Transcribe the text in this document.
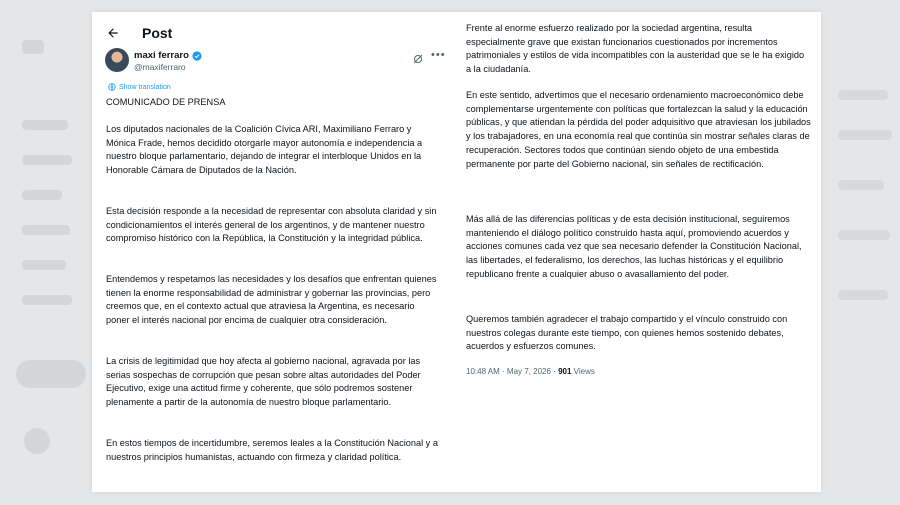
Post
maxi ferraro
@maxiferraro
•••
Show translation

COMUNICADO DE PRENSA

Los diputados nacionales de la Coalición Cívica ARI, Maximiliano Ferraro y Mónica Frade, hemos decidido otorgarle mayor autonomía e independencia a nuestro bloque parlamentario, dejando de integrar el interbloque Unidos en la Honorable Cámara de Diputados de la Nación.

Esta decisión responde a la necesidad de representar con absoluta claridad y sin condicionamientos el interés general de los argentinos, y de mantener nuestro compromiso histórico con la República, la Constitución y la integridad pública.

Entendemos y respetamos las necesidades y los desafíos que enfrentan quienes tienen la enorme responsabilidad de administrar y gobernar las provincias, pero creemos que, en el contexto actual que atraviesa la Argentina, es necesario poner el interés nacional por encima de cualquier otra consideración.

La crisis de legitimidad que hoy afecta al gobierno nacional, agravada por las serias sospechas de corrupción que pesan sobre altas autoridades del Poder Ejecutivo, exige una actitud firme y coherente, que sólo podremos sostener plenamente a partir de la autonomía de nuestro bloque parlamentario.

En estos tiempos de incertidumbre, seremos leales a la Constitución Nacional y a nuestros principios humanistas, actuando con firmeza y claridad política.

Frente al enorme esfuerzo realizado por la sociedad argentina, resulta especialmente grave que existan funcionarios cuestionados por incrementos patrimoniales y estilos de vida incompatibles con la austeridad que se le ha exigido a la ciudadanía.

En este sentido, advertimos que el necesario ordenamiento macroeconómico debe complementarse urgentemente con políticas que fortalezcan la salud y la educación públicas, y que atiendan la pérdida del poder adquisitivo que atraviesan los jubilados y los trabajadores, en una economía real que continúa sin mostrar señales claras de recuperación. Sectores todos que continúan siendo objeto de una embestida permanente por parte del Gobierno nacional, sin señales de rectificación.

Más allá de las diferencias políticas y de esta decisión institucional, seguiremos manteniendo el diálogo político construido hasta aquí, promoviendo acuerdos y acciones comunes cada vez que sea necesario defender la Constitución Nacional, las libertades, el federalismo, los derechos, las luchas históricas y el equilibrio republicano frente a cualquier abuso o avasallamiento del poder.

Queremos también agradecer el trabajo compartido y el vínculo construido con nuestros colegas durante este tiempo, con quienes hemos sostenido debates, acuerdos y esfuerzos comunes.

10:48 AM · May 7, 2026 · 901 Views
